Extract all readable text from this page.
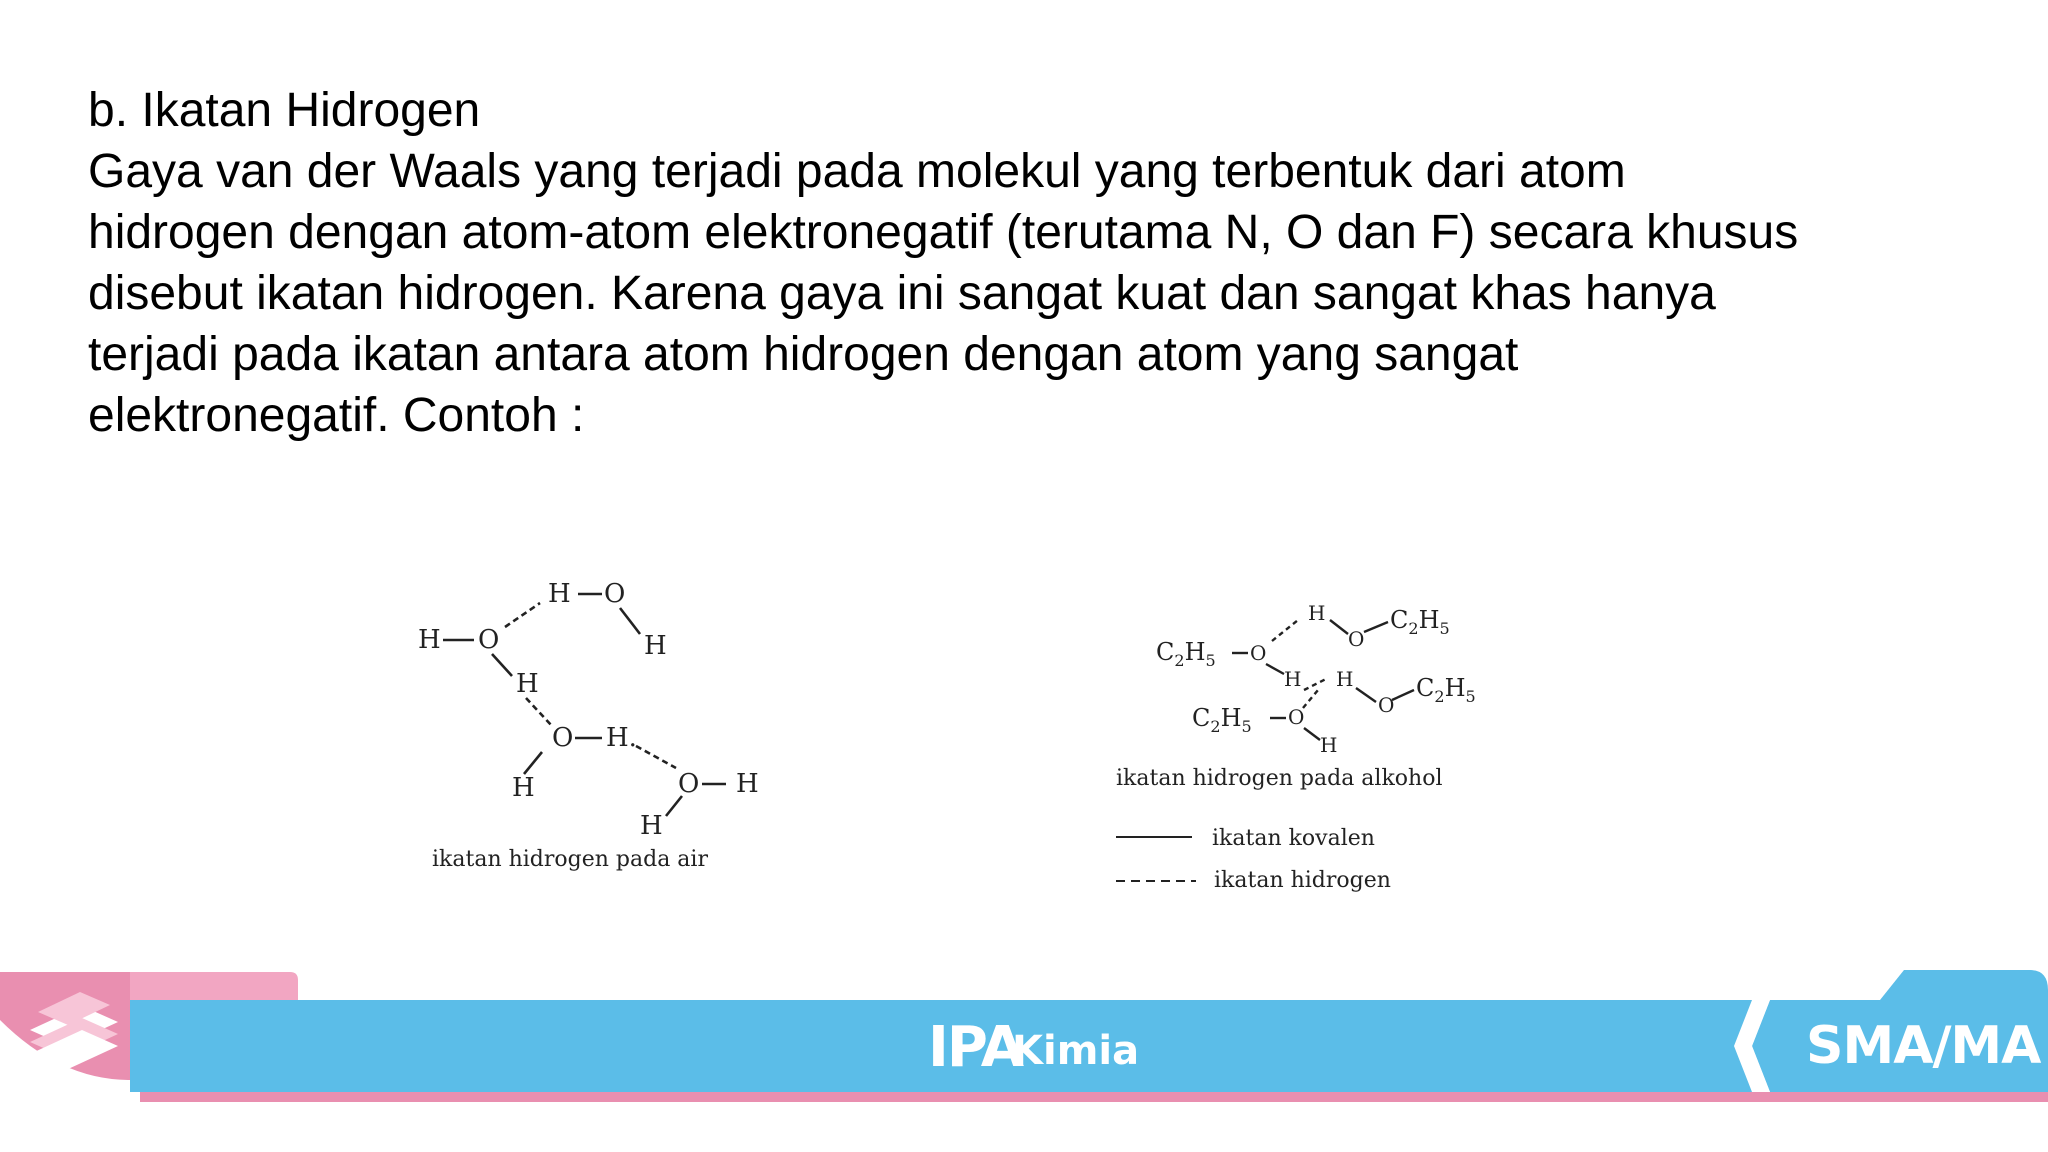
b. Ikatan Hidrogen
Gaya van der Waals yang terjadi pada molekul yang terbentuk dari atom
hidrogen dengan atom-atom elektronegatif (terutama N, O dan F) secara khusus
disebut ikatan hidrogen. Karena gaya ini sangat kuat dan sangat khas hanya
terjadi pada ikatan antara atom hidrogen dengan atom yang sangat
elektronegatif. Contoh :
H O
H O
H
H
O H.
H	O H
H
ikatan hidrogen pada air
$C_2H_5$
$C_2H_5$
$C_2H_5$
$C_2H_5$
O
H
O
H H
O
O
H
ikatan hidrogen pada alkohol
ikatan kovalen
ikatan hidrogen
IPA
Kimia	SMA/MA
